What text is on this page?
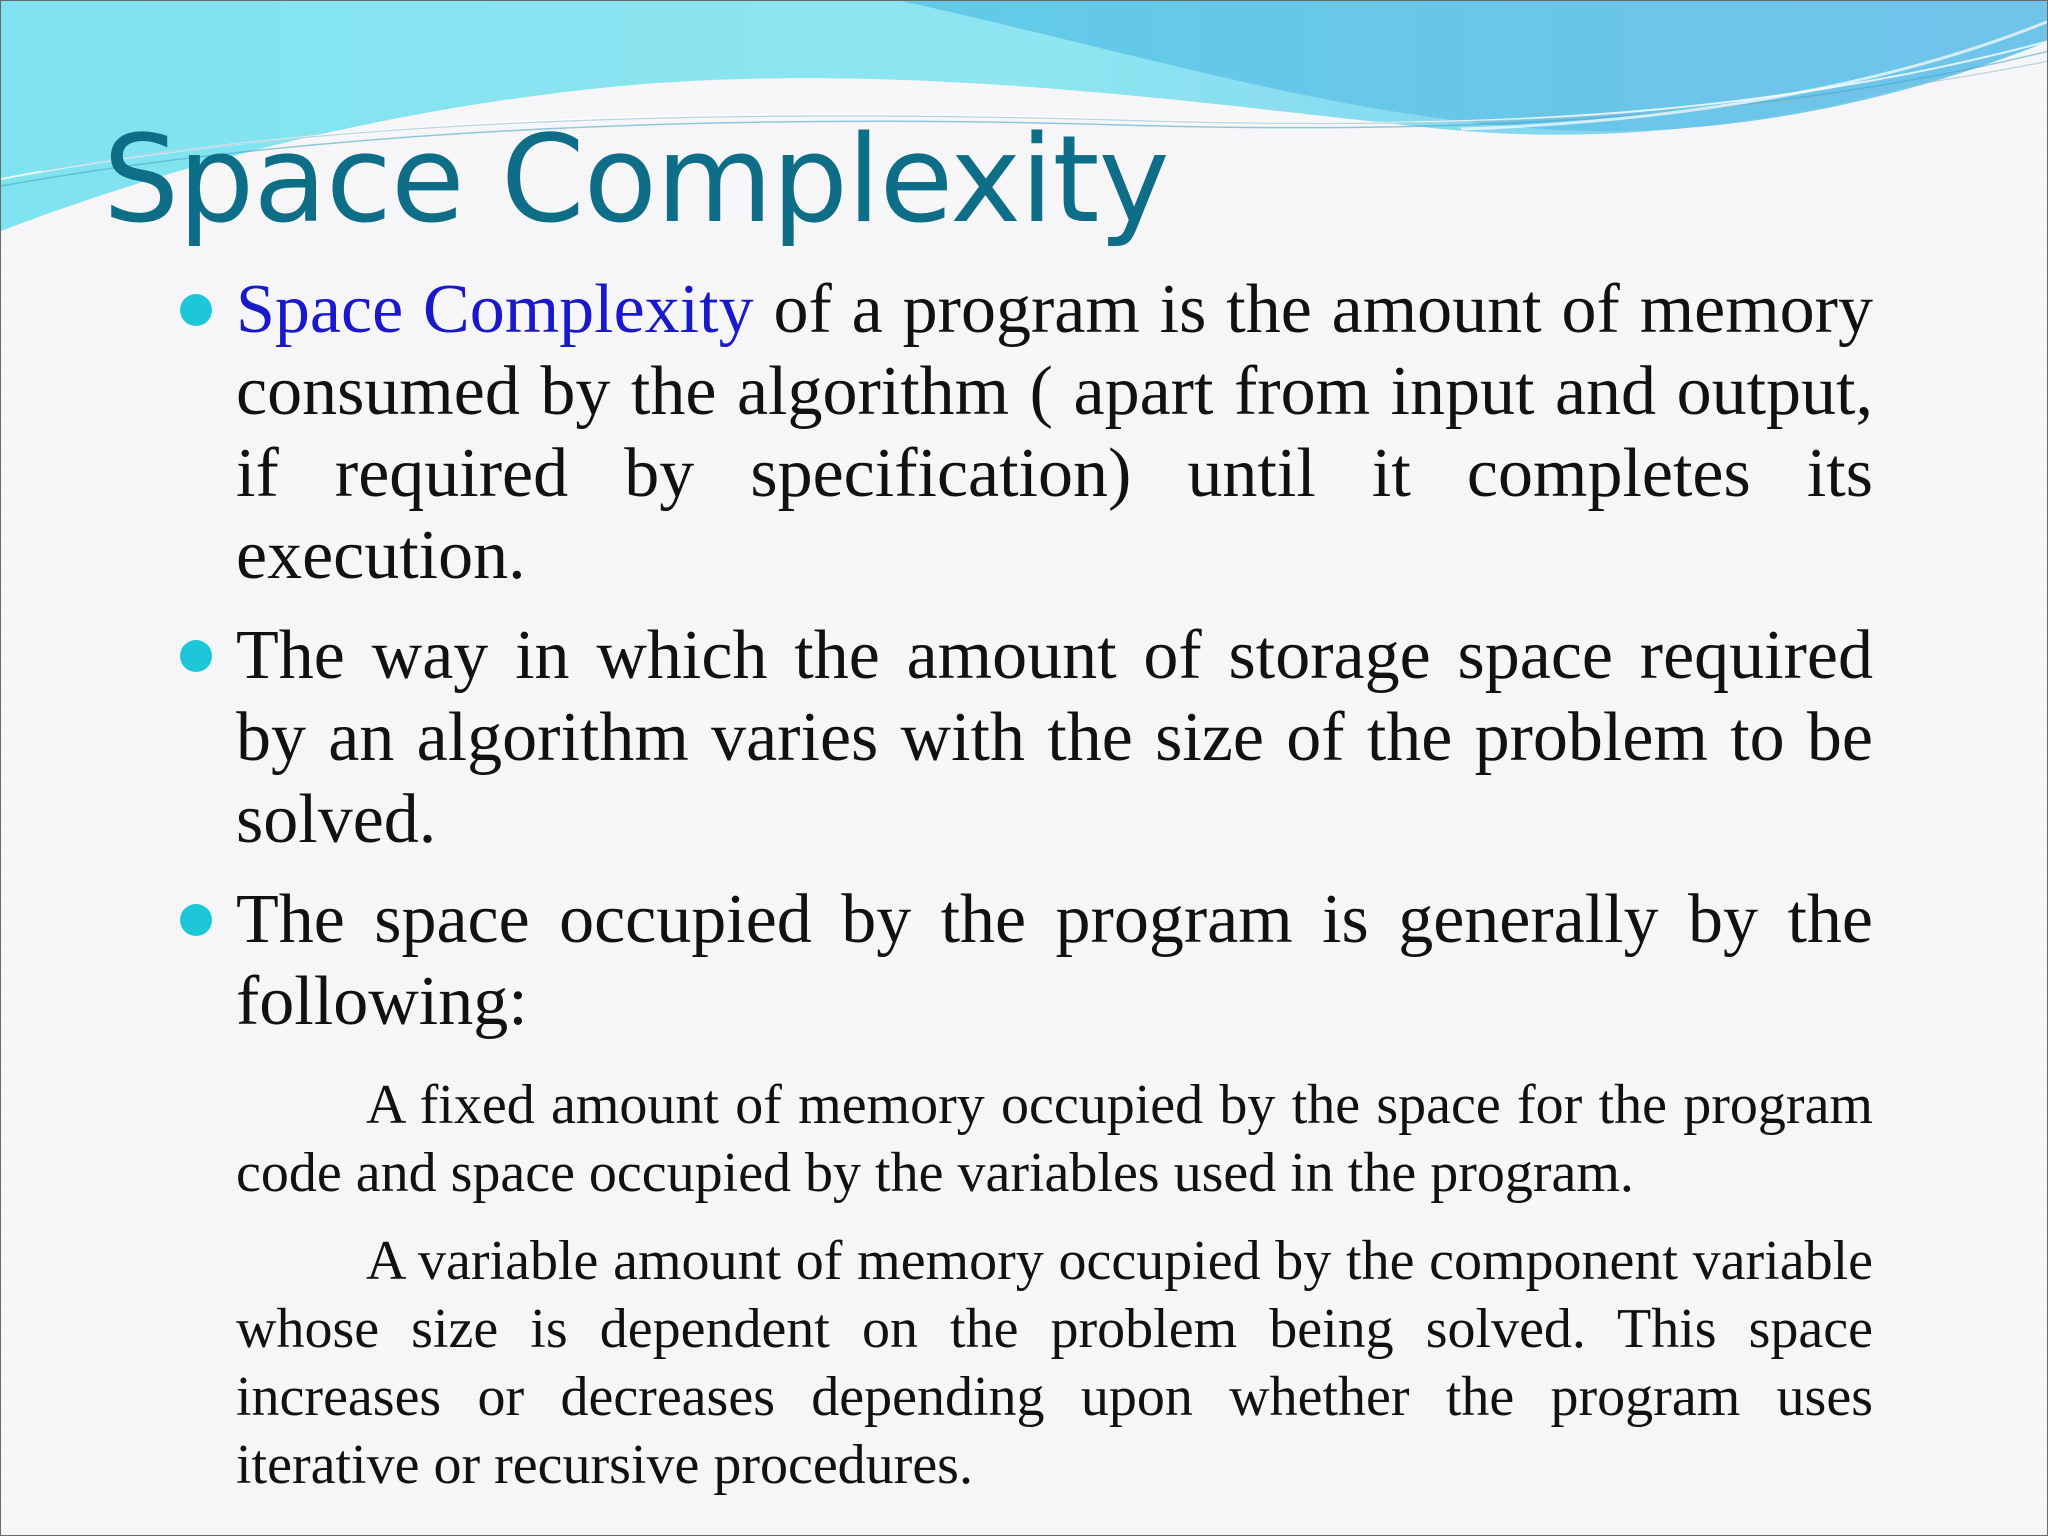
Space Complexity

Space Complexity of a program is the amount of memory consumed by the algorithm ( apart from input and output, if required by specification) until it completes its execution.

The way in which the amount of storage space required by an algorithm varies with the size of the problem to be solved.

The space occupied by the program is generally by the following:

A fixed amount of memory occupied by the space for the program code and space occupied by the variables used in the program.

A variable amount of memory occupied by the component variable whose size is dependent on the problem being solved. This space increases or decreases depending upon whether the program uses iterative or recursive procedures.
